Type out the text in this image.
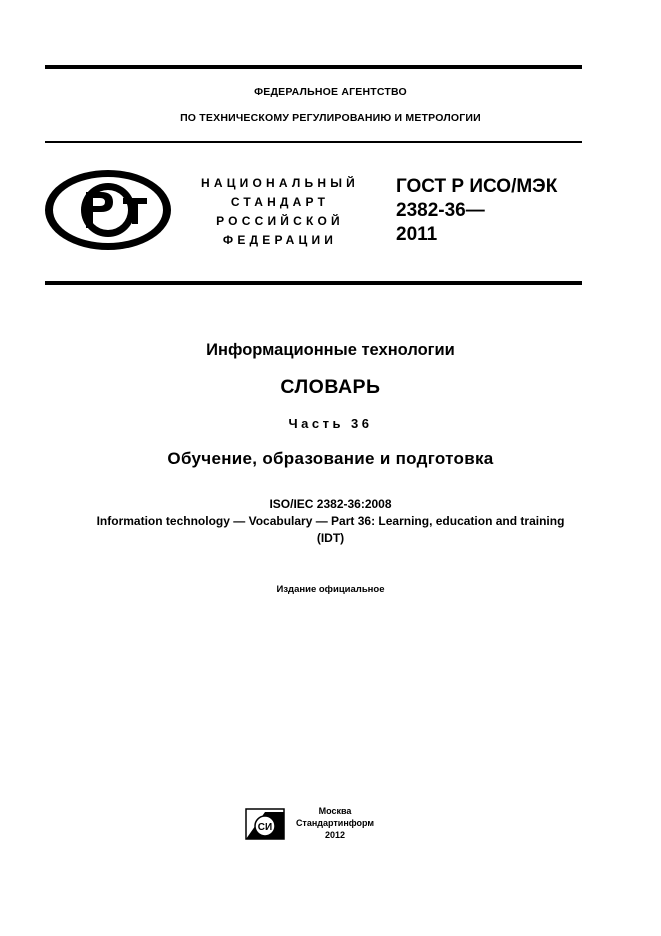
ФЕДЕРАЛЬНОЕ АГЕНТСТВО
ПО ТЕХНИЧЕСКОМУ РЕГУЛИРОВАНИЮ И МЕТРОЛОГИИ
НАЦИОНАЛЬНЫЙ
СТАНДАРТ
РОССИЙСКОЙ
ФЕДЕРАЦИИ
ГОСТ Р ИСО/МЭК
2382-36—
2011
Информационные технологии
СЛОВАРЬ
Часть 36
Обучение, образование и подготовка
ISO/IEC 2382-36:2008
Information technology — Vocabulary — Part 36: Learning, education and training
(IDT)
Издание официальное
СИ
Москва
Стандартинформ
2012
